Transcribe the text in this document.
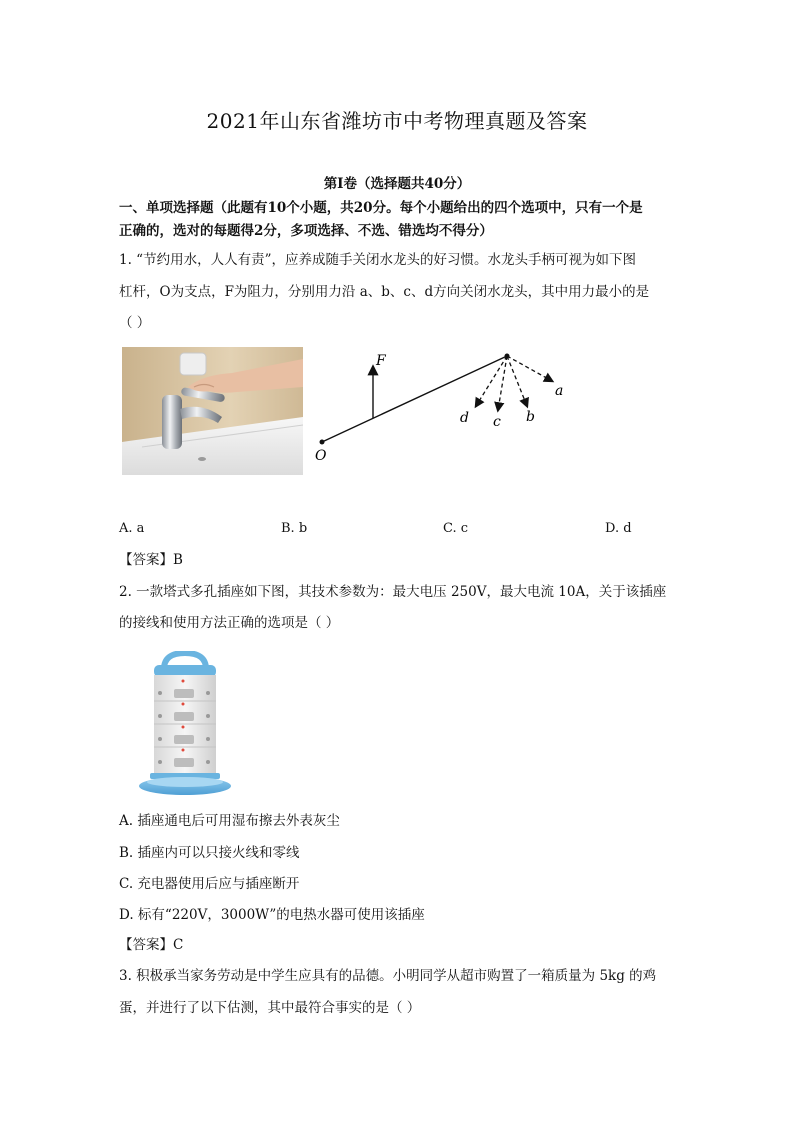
2021年山东省潍坊市中考物理真题及答案
第Ⅰ卷（选择题共40分）
一、单项选择题（此题有10个小题，共20分。每个小题给出的四个选项中，只有一个是
正确的，选对的每题得2分，多项选择、不选、错选均不得分）
1. “节约用水，人人有责”，应养成随手关闭水龙头的好习惯。水龙头手柄可视为如下图
杠杆，O为支点，F为阻力，分别用力沿 a、b、c、d方向关闭水龙头，其中用力最小的是
（ ）
F
O
a
b
c
d
A. a	B. b	C. c	D. d
【答案】B
2. 一款塔式多孔插座如下图，其技术参数为：最大电压 250V，最大电流 10A，关于该插座
的接线和使用方法正确的选项是（ ）
A. 插座通电后可用湿布擦去外表灰尘
B. 插座内可以只接火线和零线
C. 充电器使用后应与插座断开
D. 标有“220V，3000W”的电热水器可使用该插座
【答案】C
3. 积极承当家务劳动是中学生应具有的品德。小明同学从超市购置了一箱质量为 5kg 的鸡
蛋，并进行了以下估测，其中最符合事实的是（ ）
